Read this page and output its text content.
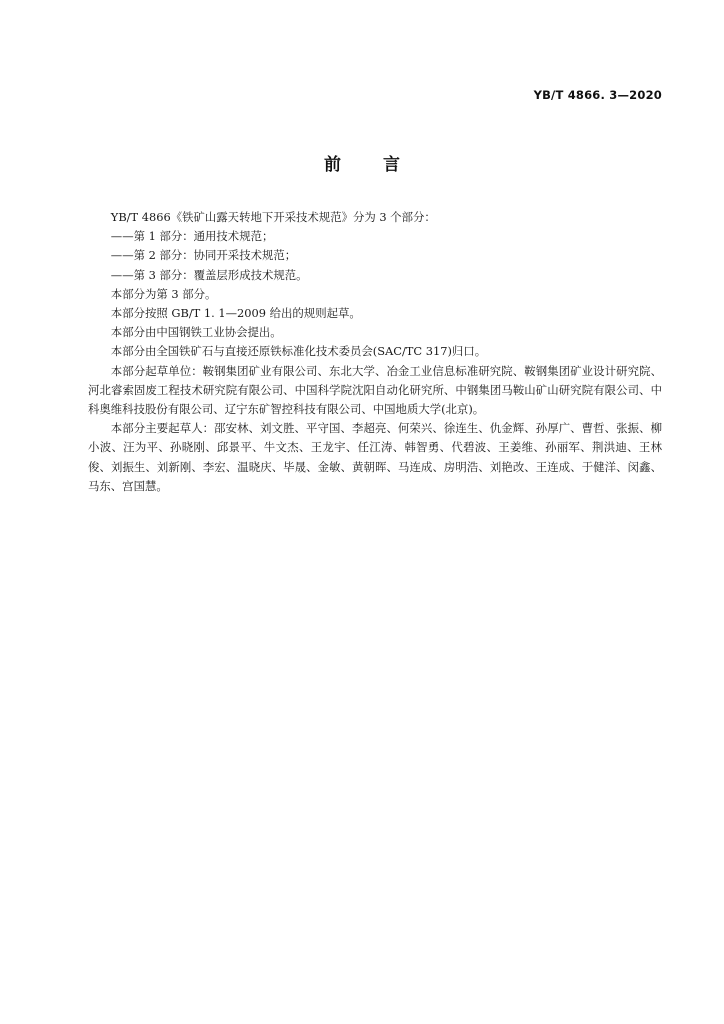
YB/T 4866. 3—2020
前言

YB/T 4866《铁矿山露天转地下开采技术规范》分为 3 个部分：

——第 1 部分：通用技术规范；

——第 2 部分：协同开采技术规范；

——第 3 部分：覆盖层形成技术规范。

本部分为第 3 部分。

本部分按照 GB/T 1. 1—2009 给出的规则起草。

本部分由中国钢铁工业协会提出。

本部分由全国铁矿石与直接还原铁标准化技术委员会(SAC/TC 317)归口。

本部分起草单位：鞍钢集团矿业有限公司、东北大学、冶金工业信息标准研究院、鞍钢集团矿业设计研究院、河北睿索固废工程技术研究院有限公司、中国科学院沈阳自动化研究所、中钢集团马鞍山矿山研究院有限公司、中科奥维科技股份有限公司、辽宁东矿智控科技有限公司、中国地质大学(北京)。

本部分主要起草人：邵安林、刘文胜、平守国、李超亮、何荣兴、徐连生、仇金辉、孙厚广、曹哲、张振、柳小波、汪为平、孙晓刚、邱景平、牛文杰、王龙宇、任江涛、韩智勇、代碧波、王姜维、孙丽军、荆洪迪、王林俊、刘振生、刘新刚、李宏、温晓庆、毕晟、金敏、黄朝晖、马连成、房明浩、刘艳改、王连成、于健洋、闵鑫、马东、宫国慧。
